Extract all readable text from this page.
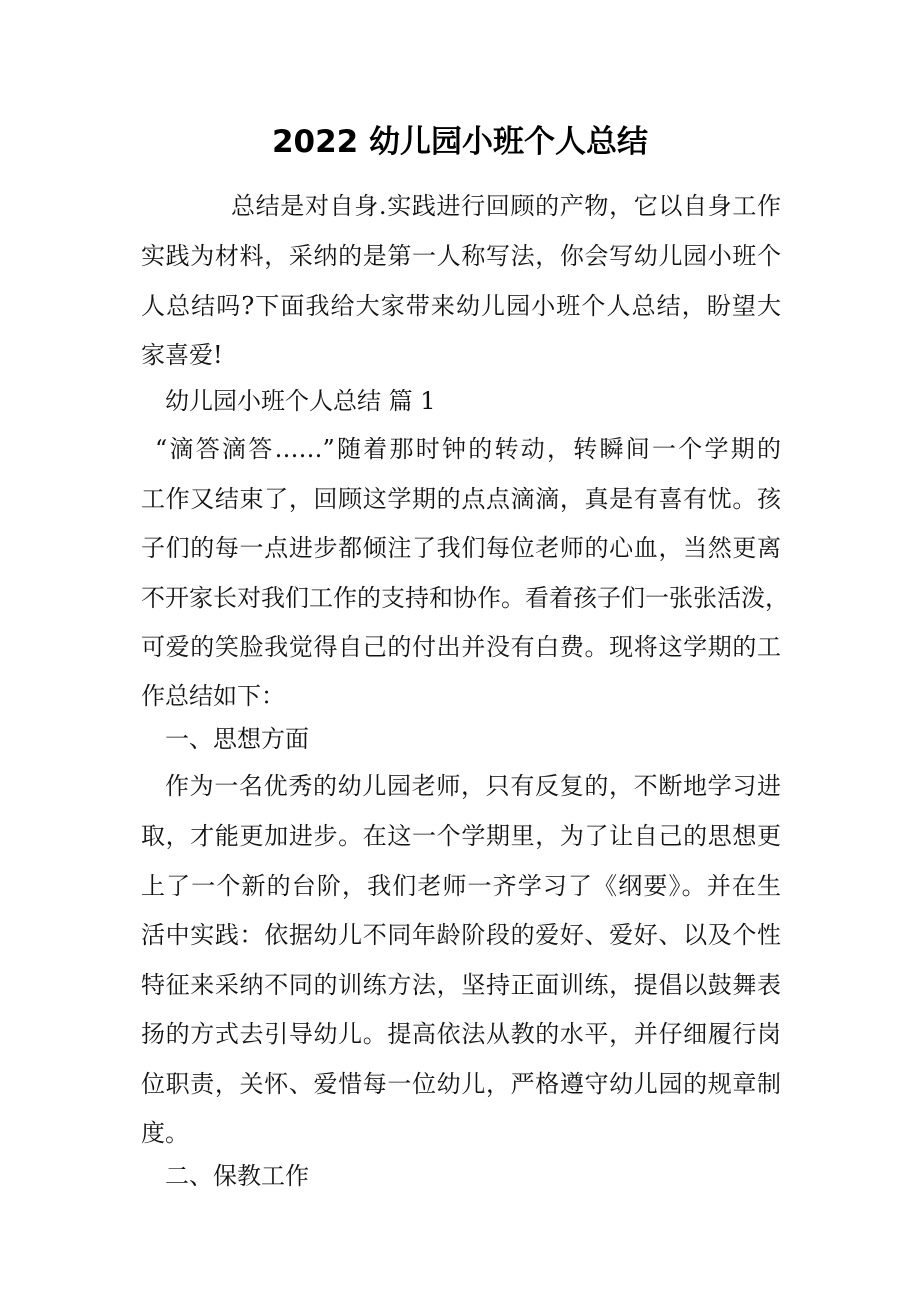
2022 幼儿园小班个人总结
总结是对自身.实践进行回顾的产物，它以自身工作
实践为材料，采纳的是第一人称写法，你会写幼儿园小班个
人总结吗?下面我给大家带来幼儿园小班个人总结，盼望大
家喜爱!
幼儿园小班个人总结 篇 1
“滴答滴答……”随着那时钟的转动，转瞬间一个学期的
工作又结束了，回顾这学期的点点滴滴，真是有喜有忧。孩
子们的每一点进步都倾注了我们每位老师的心血，当然更离
不开家长对我们工作的支持和协作。看着孩子们一张张活泼，
可爱的笑脸我觉得自己的付出并没有白费。现将这学期的工
作总结如下：
一、思想方面
作为一名优秀的幼儿园老师，只有反复的，不断地学习进
取，才能更加进步。在这一个学期里，为了让自己的思想更
上了一个新的台阶，我们老师一齐学习了《纲要》。并在生
活中实践：依据幼儿不同年龄阶段的爱好、爱好、以及个性
特征来采纳不同的训练方法，坚持正面训练，提倡以鼓舞表
扬的方式去引导幼儿。提高依法从教的水平，并仔细履行岗
位职责，关怀、爱惜每一位幼儿，严格遵守幼儿园的规章制
度。
二、保教工作
